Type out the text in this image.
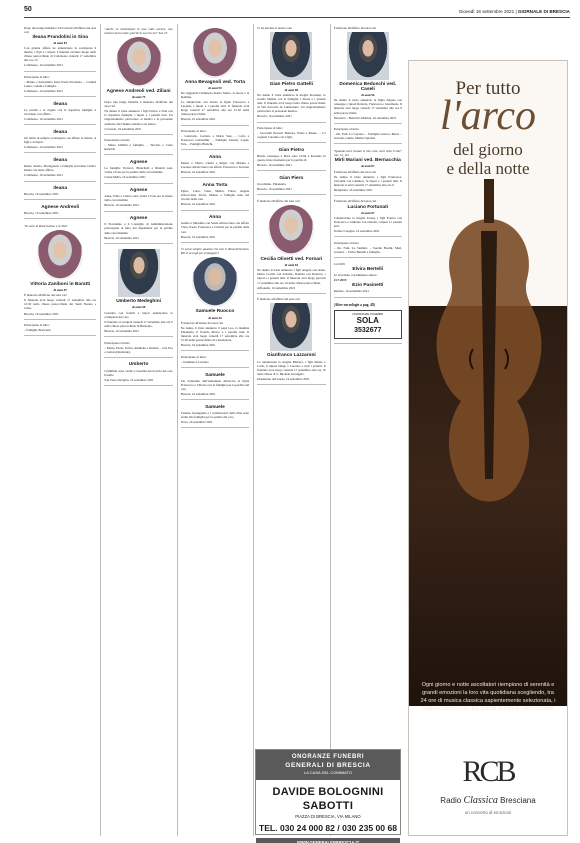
50	Giovedì 16 settembre 2021 | GIORNALE DI BRESCIA

Dopo una lunga malattia ci ha lasciati all'affetto dei suoi cari

Ileana Prandolini in Sina
di anni 83

Con grande affetto ne annunciano la scomparsa il marito, i figli e i nipoti. I funerali avranno luogo nella chiesa parrocchiale di Collebeato venerdì 17 settembre alle ore 15.

Collebeato, 16 settembre 2021

Partecipano al lutto:

– Mauro e Alessandro Zani, Paola Ferronato. – Carmen Luzzo, Gianni e famiglia.

Collebeato, 16 settembre 2021

Ileana

Le sorelle e le cugine con le rispettive famiglie ti ricordano con affetto.

Collebeato, 16 settembre 2021

Ileana

Gli amici di sempre si stringono con affetto al marito, ai figli e ai nipoti.

Collebeato, 16 settembre 2021

Ileana

Renzo Anzilo, Mariagrazia e famiglia ricordano l'amica Ileana con tanto affetto.

Collebeato, 16 settembre 2021

Ileana

Brescia, 16 settembre 2021

Agnese Andreoli

Brescia, 16 settembre 2021

"Io sono la Risurrezione e la Vita"

Vittoria Zaniboni in Baratti
di anni 87

È mancata all'affetto dei suoi cari

Il funerale avrà luogo venerdì 17 settembre alle ore 10.30 nella chiesa parrocchiale dei Santi Nazaro e Celso.

Brescia, 16 settembre 2021

Partecipano al lutto:

– Famiglie Bresciani

"Anche se camminassi in una valle oscura, non temerei alcun male, perché tu sei con me" Sal. 23

Agnese Andreoli ved. Ziliani
di anni 79

Dopo una lunga malattia è mancata all'affetto dei suoi cari

Ne danno il triste annuncio i figli Enrico e Ivan con le rispettive famiglie, i nipoti e i parenti tutti. Un ringraziamento particolare ai medici e al personale sanitario che l'hanno assistita con amore.

Concesio, 16 settembre 2021

Partecipano al lutto:

– Maria Ghidini e famiglia. – Tarcisio e Carla Reboldi.

Agnese

Le famiglie Ferrucci, Bianchetti e Rinaldi sono vicine a Ivan per la perdita della cara mamma

Castel Mella, 16 settembre 2021

Agnese

Anna, Edda e Libero sono vicini a Ivan per la morte della cara mamma

Brescia, 16 settembre 2021

Agnese

Il Presidente e il Consiglio di Amministrazione partecipano al lutto del dipendente per la perdita della cara mamma

Brescia, 16 settembre 2021

Umberto Medeghini
di anni 88

Cesarina con fratelli e nipoti annunciano la scomparsa del caro

Il funerale si svolgerà venerdì 17 settembre alle ore 9 nella chiesa parrocchiale di Botticino.

Brescia, 16 settembre 2021

Partecipano al lutto:

– Maria, Paolo, Felice, Annibale e Ornella. – Ora Fao e Gobasi (Redonde).

Umberto

I familiari sono vicini a Cesarina nel ricordo del caro fratello

San Zeno Naviglio, 16 settembre 2021

Anna Bevagnoli ved. Torta
di anni 90

Ne ragguarda l'annuncio marito Mario, la nuora e la mamma.

Lo annunciano con dolore le figlie Francesca e Luciana, i nipoti e i parenti tutti. Il funerale avrà luogo venerdì 17 settembre alle ore 15.30 nella chiesa parrocchiale.

Brescia, 16 settembre 2021

Partecipano al lutto:

– Giancarlo, Luciano e Maria Sole. – Carlo e Francesca Gobbellini. – Famiglie Zanoni, Coppi, Esta. – Famiglia Bianchi.

Anna

Mauro e Marta, Cinzia e Rojjer con Marina e Lorenzo abbracciano con affetto Francesca e Luciana

Brescia, 16 settembre 2021

Anna Torta

Egizo, Carla, Gian, Melita, Fabio, Angela abbracciano Silvia, Matteo e famiglie tutte nel ricordo della cara

Brescia, 16 settembre 2021

Anna

Sandro e Massimo con Sonia abbracciano con affetto Clara, Paola, Francesca e Cristina per la perdita della cara

Brescia, 16 settembre 2021

Ci sarai sempre quando che non ti dimenticheremo. Ma ci accogli per proteggerci

Samuele Ruocco
di anni 36

È mancato all'amore dei suoi cari

Ne danno il triste annuncio il papà Leo, la mamma Emanuela, il fratello Marco e i parenti tutti. Il funerale avrà luogo venerdì 17 settembre alle ore 15.30 nella parrocchiale di Castenedolo.

Brescia, 16 settembre 2021

Partecipano al lutto:

– Gianmarco Luciano

Samuele

Zio Saturnino dell'Annullana abbraccia la figlia Francesca e Vittoria con le famiglie per la perdita del caro

Brescia, 16 settembre 2021

Samuele

Tiziana, Giuseppina e i collaboratori della ditta sono vicini alla famiglia per la perdita del caro

Flero, 16 settembre 2021

Ci ha lasciato il nostro caro

Gian Pietro Gattelli
di anni 88

Ne danno il triste annuncio la moglie Rosanna, la sorella Marina con la famiglia, i nipoti e i parenti tutti. Il funerale avrà luogo nella chiesa parrocchiale di San Zaccaria in Lumazzane. Un ringraziamento particolare al personale medico.

Brescia, 16 settembre 2021

Partecipano al lutto:

– Giovanni Rossati, Barbara, Elena e Mauro. – La cognata Caterina con i figli.

Gian Pietro

Bruna, Giuseppe e Piera sono vicini a Rosanna in questo triste momento per la perdita di

Brescia, 16 settembre 2021

Gian Piero

ricordiamo. Emanuela.

Brescia, 16 settembre 2021

È mancata all'affetto dei suoi cari

Cecilia Olivetti ved. Fornari
di anni 84

Ne danno il triste annuncio i figli Angelo con Anna, Maria Cecilia con Aristide, Daniela con Roberto, i nipoti e i parenti tutti. Il funerale avrà luogo giovedì 17 settembre alle ore 10 nella chiesa parrocchiale.

Alfianello, 16 settembre 2021

È mancato all'affetto dei suoi cari

Gianfranco Lazzaroni

Lo annunciano la moglie Barbara, i figli Renzo e Carlo, il nipote Diego e Lorenzo e tutti i parenti. Il funerale avrà luogo venerdì 17 settembre alle ore 10 nella chiesa di S. Michele Arcangelo.

Desenzano del Garda, 16 settembre 2021

È mancato all'affetto dei suoi cari

Domenica Beduschi ved. Caseli
di anni 96

Ne danno il triste annuncio la figlia Angela con Giuseppe, i nipoti Roberta, Francesca e Gianmario. Il funerale avrà luogo venerdì 17 settembre alle ore 9 nella parrocchiale.

Nuvolera – Botticino Mattina, 16 settembre 2021

Partecipano al lutto:

– On. Fam. Lo Capraro. – Famiglie Grassi e Bassi. – Luciana, Giulia, Marino Spranzi.

"Quando avrò trovato le mie cose, avrò visto il sole" Ger. 12, 112

Mirli Mariani ved. Bernacchia
di anni 87

È mancata all'affetto dei suoi cari

Ne danno il triste annuncio i figli Francesca, Giovanni con Gianluca, le nipoti e i parenti tutti. Il funerale si terrà venerdì 17 settembre alle ore 9.

Montpiano, 16 settembre 2021

È mancato all'affetto dei suoi cari

Luciano Fortunati
di anni 87

L'annunciano la moglie Teresa, i figli Franco con Francesca e Giuliano con Ornella, i nipoti e i parenti tutti.

Trobbe Casaglia, 16 settembre 2021

Partecipano al lutto:

– On. Fam. La Sanbini. – Sorelle Bozini, Mari, Lorenza. – Elvira Bertelli e famiglia.

6.2.2019

Elvira Bertelli

Le ricordano con immenso amore.

23.7.2019

Ezio Pasinetti

Rezzato, 16 settembre 2021

(Altre necrologie a pag. 48)

ONORANZE FUNEBRI
SOLA
3532677
ONORANZE FUNEBRI
GENERALI DI BRESCIA
LA CASA DEL COMMIATO
DAVIDE BOLOGNINI SABOTTI
PIAZZA DI BRESCIA, VIA MILANO
TEL. 030 24 000 82 / 030 235 00 68
WWW.GENERALIDIBRESCIA.IT
Per tutto
l'arco
del giorno
e della notte
Ogni giorno e notte ascoltatori riempiono di serenità e grandi emozioni la loro vita quotidiana scegliendo, tra 24 ore di musica classica sapientemente selezionata, i migliori concerti dei più grandi interpreti internazionali
RCB
Radio Classica Bresciana
un concerto di emozioni
